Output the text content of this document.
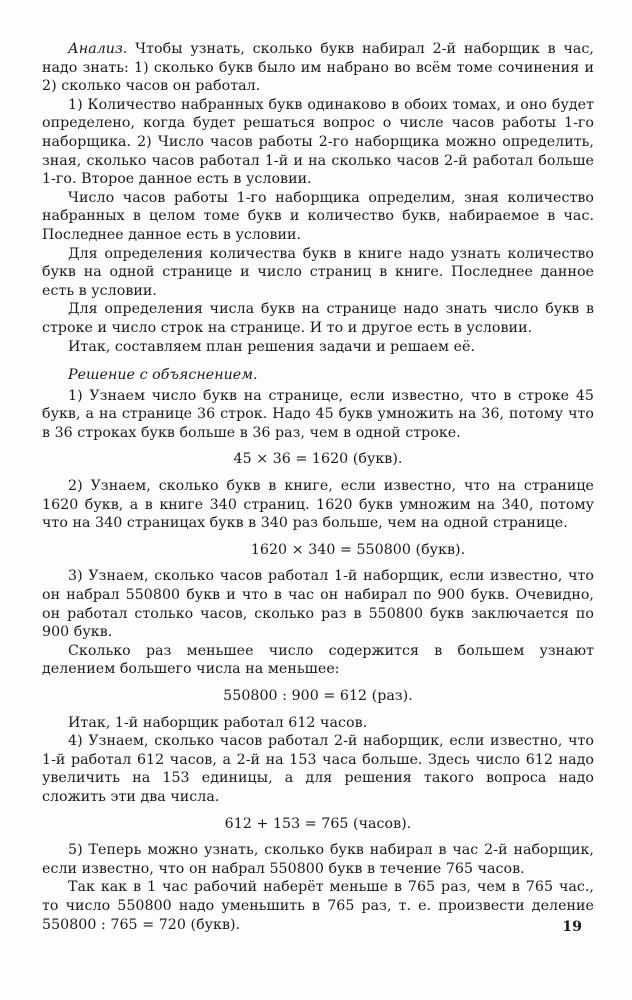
Анализ. Чтобы узнать, сколько букв набирал 2-й наборщик в час, надо знать: 1) сколько букв было им набрано во всём томе сочинения и 2) сколько часов он работал.

1) Количество набранных букв одинаково в обоих томах, и оно будет определено, когда будет решаться вопрос о числе часов работы 1-го наборщика. 2) Число часов работы 2-го наборщика можно определить, зная, сколько часов работал 1-й и на сколько часов 2-й работал больше 1-го. Второе данное есть в условии.

Число часов работы 1-го наборщика определим, зная количество набранных в целом томе букв и количество букв, набираемое в час. Последнее данное есть в условии.

Для определения количества букв в книге надо узнать количество букв на одной странице и число страниц в книге. Последнее данное есть в условии.

Для определения числа букв на странице надо знать число букв в строке и число строк на странице. И то и другое есть в условии.

Итак, составляем план решения задачи и решаем её.

Решение с объяснением.

1) Узнаем число букв на странице, если известно, что в строке 45 букв, а на странице 36 строк. Надо 45 букв умножить на 36, потому что в 36 строках букв больше в 36 раз, чем в одной строке.

45 × 36 = 1620 (букв).

2) Узнаем, сколько букв в книге, если известно, что на странице 1620 букв, а в книге 340 страниц. 1620 букв умножим на 340, потому что на 340 страницах букв в 340 раз больше, чем на одной странице.

1620 × 340 = 550800 (букв).

3) Узнаем, сколько часов работал 1-й наборщик, если известно, что он набрал 550800 букв и что в час он набирал по 900 букв. Очевидно, он работал столько часов, сколько раз в 550800 букв заключается по 900 букв.

Сколько раз меньшее число содержится в большем узнают делением большего числа на меньшее:

550800 : 900 = 612 (раз).

Итак, 1-й наборщик работал 612 часов.

4) Узнаем, сколько часов работал 2-й наборщик, если известно, что 1-й работал 612 часов, а 2-й на 153 часа больше. Здесь число 612 надо увеличить на 153 единицы, а для решения такого вопроса надо сложить эти два числа.

612 + 153 = 765 (часов).

5) Теперь можно узнать, сколько букв набирал в час 2-й наборщик, если известно, что он набрал 550800 букв в течение 765 часов.

Так как в 1 час рабочий наберёт меньше в 765 раз, чем в 765 час., то число 550800 надо уменьшить в 765 раз, т. е. произвести деление 550800 : 765 = 720 (букв).	19
